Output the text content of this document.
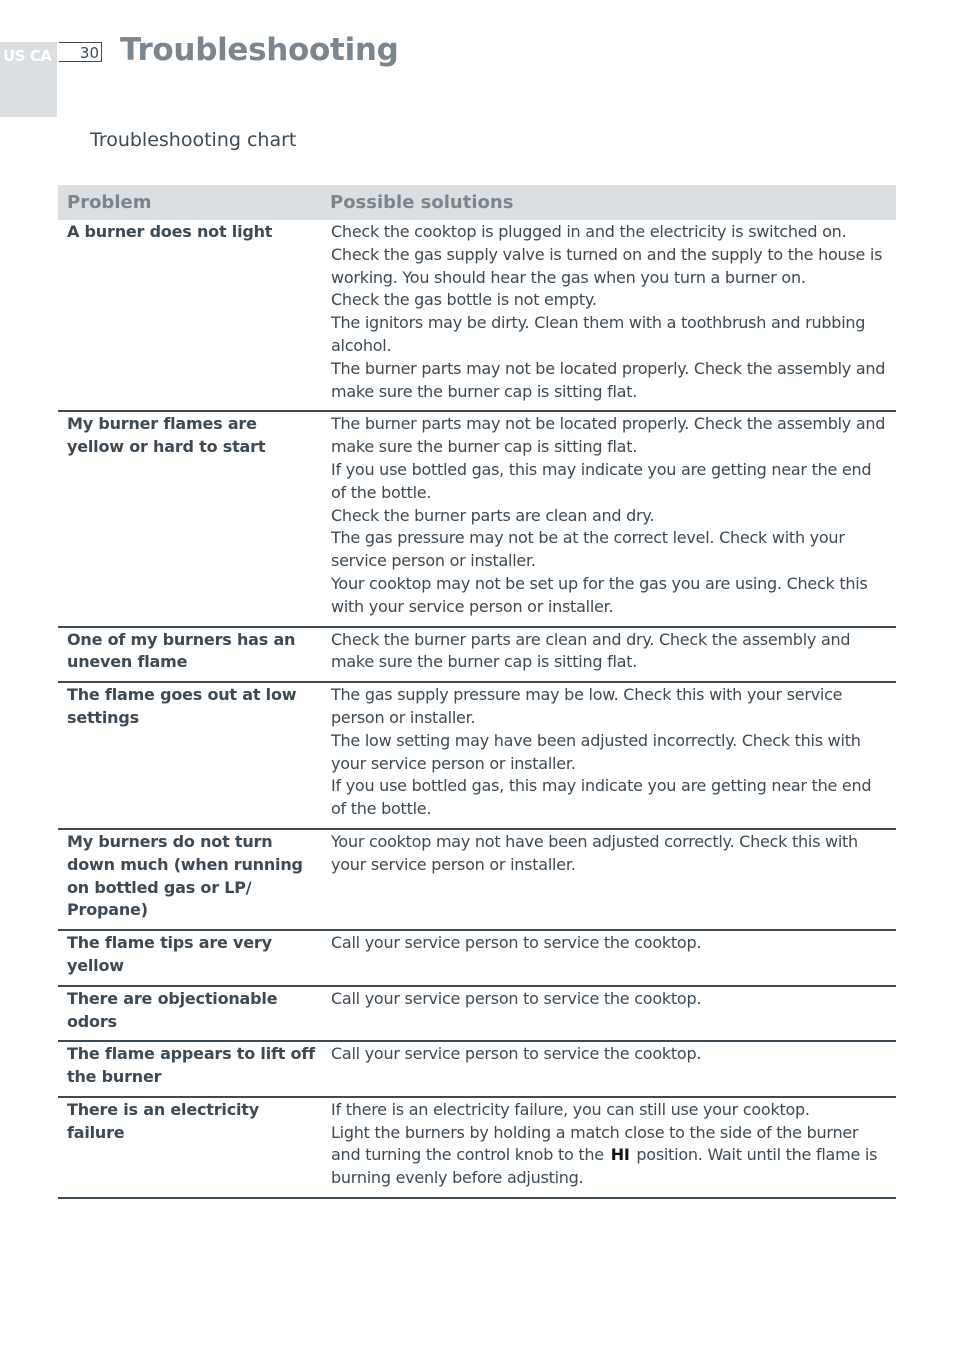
US CA	30 Troubleshooting
Troubleshooting chart
Problem	Possible solutions
A burner does not light	Check the cooktop is plugged in and the electricity is switched on.
Check the gas supply valve is turned on and the supply to the house is working. You should hear the gas when you turn a burner on.
Check the gas bottle is not empty.
The ignitors may be dirty. Clean them with a toothbrush and rubbing alcohol.
The burner parts may not be located properly. Check the assembly and make sure the burner cap is sitting flat.

My burner flames are yellow or hard to start	The burner parts may not be located properly. Check the assembly and make sure the burner cap is sitting flat.
If you use bottled gas, this may indicate you are getting near the end of the bottle.
Check the burner parts are clean and dry.
The gas pressure may not be at the correct level. Check with your service person or installer.
Your cooktop may not be set up for the gas you are using. Check this with your service person or installer.

One of my burners has an uneven flame	Check the burner parts are clean and dry. Check the assembly and make sure the burner cap is sitting flat.

The flame goes out at low settings	The gas supply pressure may be low. Check this with your service person or installer.
The low setting may have been adjusted incorrectly. Check this with your service person or installer.
If you use bottled gas, this may indicate you are getting near the end of the bottle.

My burners do not turn down much (when running on bottled gas or LP/ Propane)	Your cooktop may not have been adjusted correctly. Check this with your service person or installer.

The flame tips are very yellow	Call your service person to service the cooktop.

There are objectionable odors	Call your service person to service the cooktop.

The flame appears to lift off the burner	Call your service person to service the cooktop.

There is an electricity failure	If there is an electricity failure, you can still use your cooktop.
Light the burners by holding a match close to the side of the burner and turning the control knob to the HI position. Wait until the flame is burning evenly before adjusting.
